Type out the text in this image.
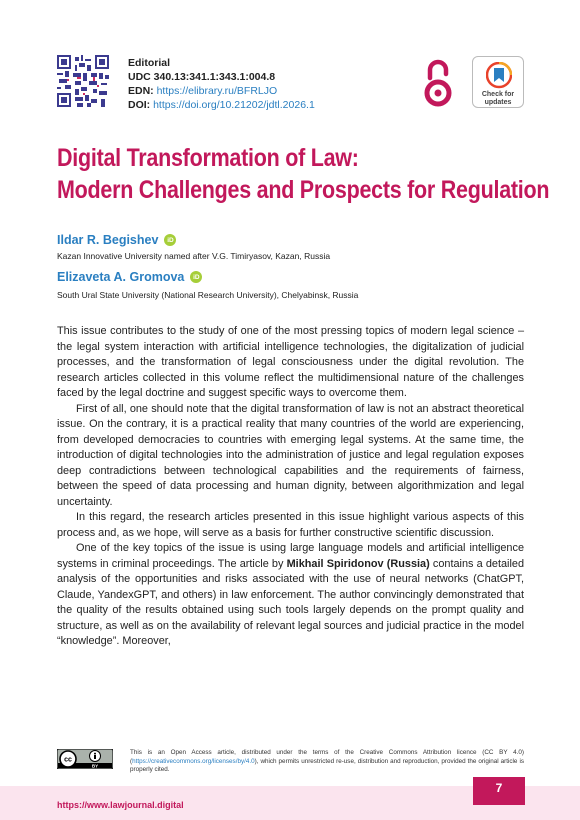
Editorial
UDC 340.13:341.1:343.1:004.8
EDN: https://elibrary.ru/BFRLJO
DOI: https://doi.org/10.21202/jdtl.2026.1
Check for
updates
Digital Transformation of Law:
Modern Challenges and Prospects for Regulation
Ildar R. Begishev	iD
Kazan Innovative University named after V.G. Timiryasov, Kazan, Russia
Elizaveta A. Gromova	iD
South Ural State University (National Research University), Chelyabinsk, Russia

This issue contributes to the study of one of the most pressing topics of modern legal science – the legal system interaction with artificial intelligence technologies, the digitalization of judicial processes, and the transformation of legal consciousness under the digital revolution. The research articles collected in this volume reflect the multidimensional nature of the challenges faced by the legal doctrine and suggest specific ways to overcome them.

First of all, one should note that the digital transformation of law is not an abstract theoretical issue. On the contrary, it is a practical reality that many countries of the world are experiencing, from developed democracies to countries with emerging legal systems. At the same time, the introduction of digital technologies into the administration of justice and legal regulation exposes deep contradictions between technological capabilities and the requirements of fairness, between the speed of data processing and human dignity, between algorithmization and legal uncertainty.

In this regard, the research articles presented in this issue highlight various aspects of this process and, as we hope, will serve as a basis for further constructive scientific discussion.

One of the key topics of the issue is using large language models and artificial intelligence systems in criminal proceedings. The article by Mikhail Spiridonov (Russia) contains a detailed analysis of the opportunities and risks associated with the use of neural networks (ChatGPT, Claude, YandexGPT, and others) in law enforcement. The author convincingly demonstrated that the quality of the results obtained using such tools largely depends on the prompt quality and structure, as well as on the availability of relevant legal sources and judicial practice in the model “knowledge”. Moreover,

cc
BY
This is an Open Access article, distributed under the terms of the Creative Commons Attribution licence (CC BY 4.0) (https://creativecommons.org/licenses/by/4.0), which permits unrestricted re-use, distribution and reproduction, provided the original article is properly cited.
https://www.lawjournal.digital
7
